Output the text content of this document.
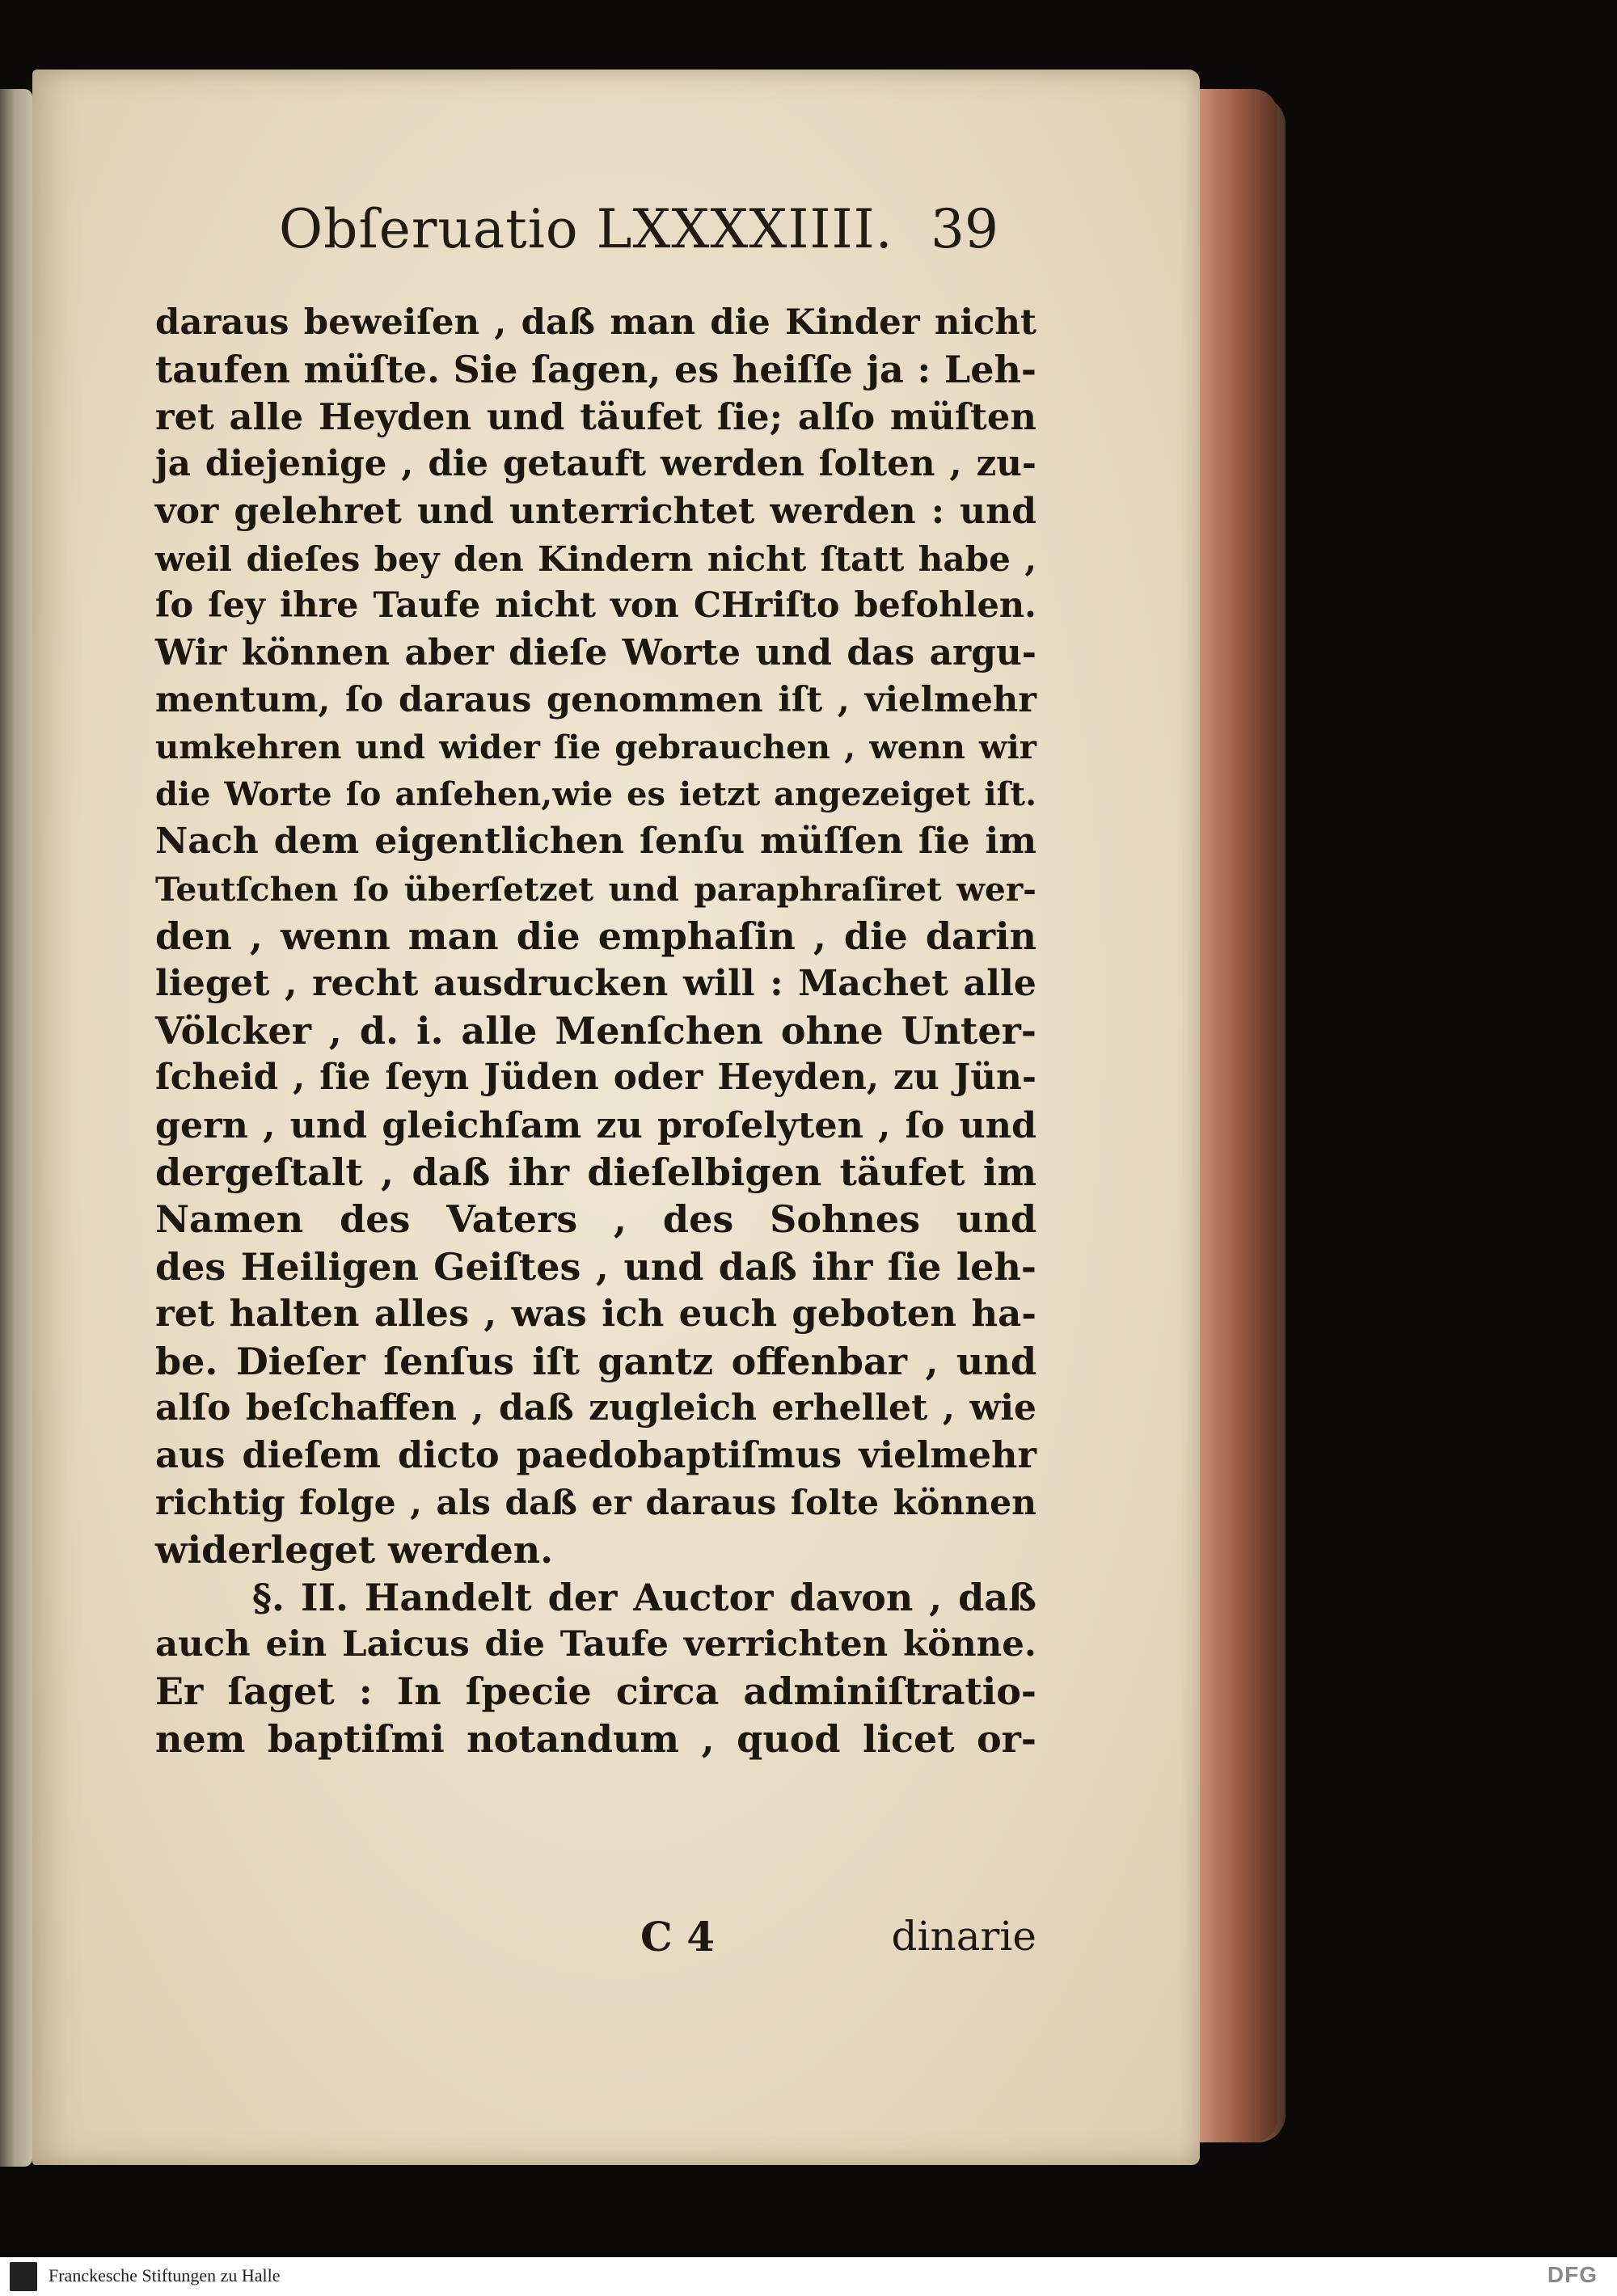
Obſeruatio LXXXXIIII. 39
daraus beweiſen , daß man die Kinder nicht
taufen müſte. Sie ſagen, es heiſſe ja : Leh-
ret alle Heyden und täufet ſie; alſo müſten
ja diejenige , die getauft werden ſolten , zu-
vor gelehret und unterrichtet werden : und
weil dieſes bey den Kindern nicht ſtatt habe ,
ſo ſey ihre Taufe nicht von CHriſto befohlen.
Wir können aber dieſe Worte und das argu-
mentum, ſo daraus genommen iſt , vielmehr
umkehren und wider ſie gebrauchen , wenn wir
die Worte ſo anſehen,wie es ietzt angezeiget iſt.
Nach dem eigentlichen ſenſu müſſen ſie im
Teutſchen ſo überſetzet und paraphraſiret wer-
den , wenn man die emphaſin , die darin
lieget , recht ausdrucken will : Machet alle
Völcker , d. i. alle Menſchen ohne Unter-
ſcheid , ſie ſeyn Jüden oder Heyden, zu Jün-
gern , und gleichſam zu proſelyten , ſo und
dergeſtalt , daß ihr dieſelbigen täufet im
Namen des Vaters , des Sohnes und
des Heiligen Geiſtes , und daß ihr ſie leh-
ret halten alles , was ich euch geboten ha-
be. Dieſer ſenſus iſt gantz offenbar , und
alſo beſchaffen , daß zugleich erhellet , wie
aus dieſem dicto paedobaptiſmus vielmehr
richtig folge , als daß er daraus ſolte können
widerleget werden.
§. II. Handelt der Auctor davon , daß
auch ein Laicus die Taufe verrichten könne.
Er ſaget : In ſpecie circa adminiſtratio-
nem baptiſmi notandum , quod licet or-
C 4	dinarie
Franckesche Stiftungen zu Halle	DFG
